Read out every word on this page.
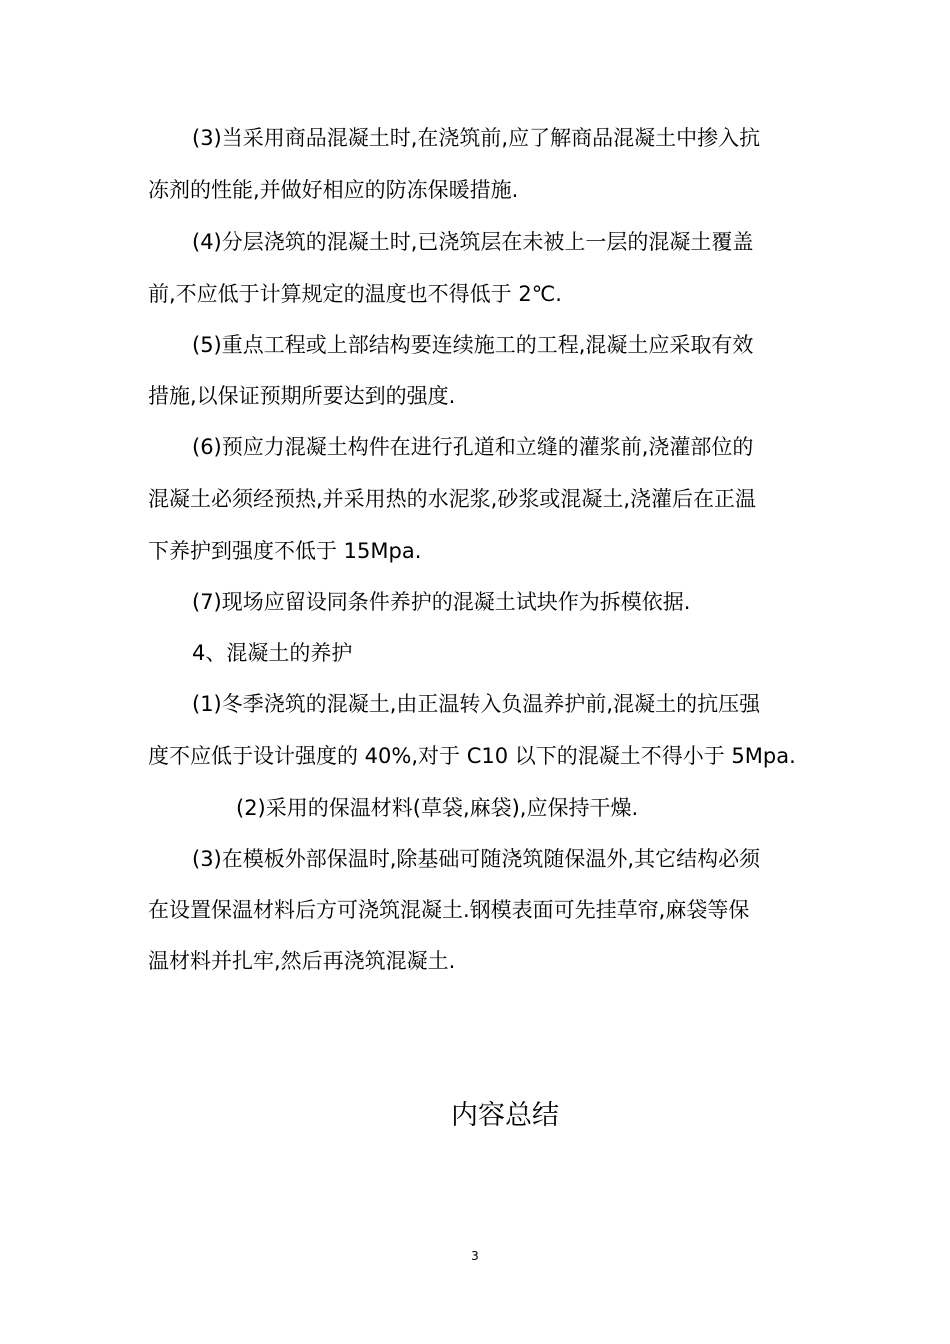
(3)当采用商品混凝土时,在浇筑前,应了解商品混凝土中掺入抗
冻剂的性能,并做好相应的防冻保暖措施.
(4)分层浇筑的混凝土时,已浇筑层在未被上一层的混凝土覆盖
前,不应低于计算规定的温度也不得低于 2℃.
(5)重点工程或上部结构要连续施工的工程,混凝土应采取有效
措施,以保证预期所要达到的强度.
(6)预应力混凝土构件在进行孔道和立缝的灌浆前,浇灌部位的
混凝土必须经预热,并采用热的水泥浆,砂浆或混凝土,浇灌后在正温
下养护到强度不低于 15Mpa.
(7)现场应留设同条件养护的混凝土试块作为拆模依据.
4、混凝土的养护
(1)冬季浇筑的混凝土,由正温转入负温养护前,混凝土的抗压强
度不应低于设计强度的 40%,对于 C10 以下的混凝土不得小于 5Mpa.
(2)采用的保温材料(草袋,麻袋),应保持干燥.
(3)在模板外部保温时,除基础可随浇筑随保温外,其它结构必须
在设置保温材料后方可浇筑混凝土.钢模表面可先挂草帘,麻袋等保
温材料并扎牢,然后再浇筑混凝土.
内容总结
3
